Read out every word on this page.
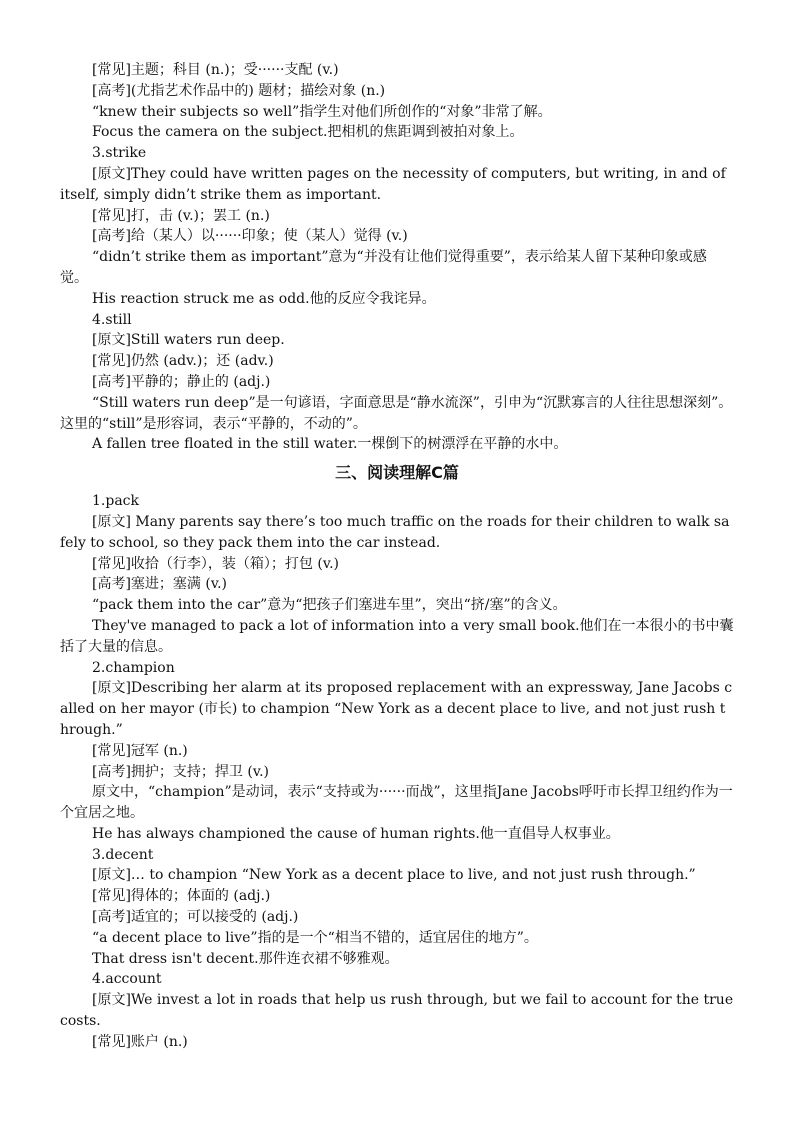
[常见]主题；科目 (n.)；受······支配 (v.)

[高考](尤指艺术作品中的) 题材；描绘对象 (n.)

“knew their subjects so well”指学生对他们所创作的“对象”非常了解。

Focus the camera on the subject.把相机的焦距调到被拍对象上。

3.strike

[原文]They could have written pages on the necessity of computers, but writing, in and of itself, simply didn’t strike them as important.

[常见]打，击 (v.)；罢工 (n.)

[高考]给（某人）以······印象；使（某人）觉得 (v.)

“didn’t strike them as important”意为“并没有让他们觉得重要”，表示给某人留下某种印象或感觉。

His reaction struck me as odd.他的反应令我诧异。

4.still

[原文]Still waters run deep.

[常见]仍然 (adv.)；还 (adv.)

[高考]平静的；静止的 (adj.)

“Still waters run deep”是一句谚语，字面意思是“静水流深”，引申为“沉默寡言的人往往思想深刻”。这里的“still”是形容词，表示“平静的，不动的”。

A fallen tree floated in the still water.一棵倒下的树漂浮在平静的水中。

三、阅读理解C篇

1.pack

[原文] Many parents say there’s too much traffic on the roads for their children to walk safely to school, so they pack them into the car instead.

[常见]收拾（行李），装（箱）；打包 (v.)

[高考]塞进；塞满 (v.)

“pack them into the car”意为“把孩子们塞进车里”，突出“挤/塞”的含义。

They've managed to pack a lot of information into a very small book.他们在一本很小的书中囊括了大量的信息。

2.champion

[原文]Describing her alarm at its proposed replacement with an expressway, Jane Jacobs called on her mayor (市长) to champion “New York as a decent place to live, and not just rush through.”

[常见]冠军 (n.)

[高考]拥护；支持；捍卫 (v.)

原文中，“champion”是动词，表示“支持或为······而战”，这里指Jane Jacobs呼吁市长捍卫纽约作为一个宜居之地。

He has always championed the cause of human rights.他一直倡导人权事业。

3.decent

[原文]… to champion “New York as a decent place to live, and not just rush through.”

[常见]得体的；体面的 (adj.)

[高考]适宜的；可以接受的 (adj.)

“a decent place to live”指的是一个“相当不错的，适宜居住的地方”。

That dress isn't decent.那件连衣裙不够雅观。

4.account

[原文]We invest a lot in roads that help us rush through, but we fail to account for the true costs.

[常见]账户 (n.)
